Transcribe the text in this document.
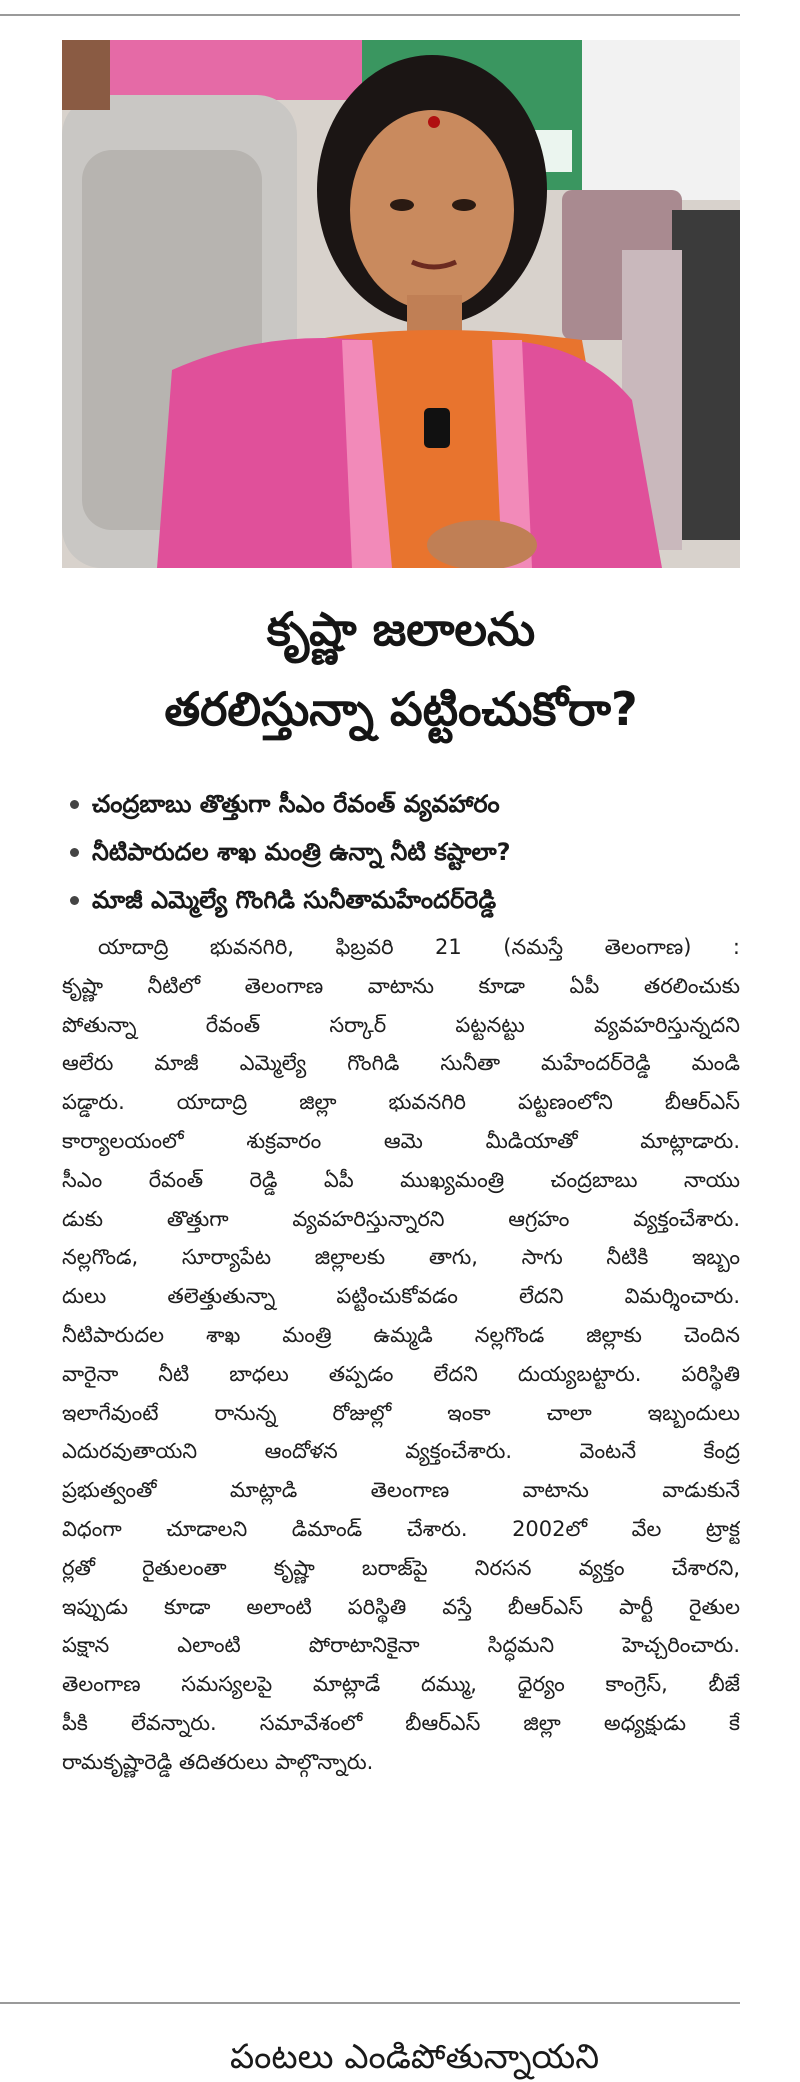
కృష్ణా జలాలను
తరలిస్తున్నా పట్టించుకోరా?
చంద్రబాబు తొత్తుగా సీఎం రేవంత్ వ్యవహారం
నీటిపారుదల శాఖ మంత్రి ఉన్నా నీటి కష్టాలా?
మాజీ ఎమ్మెల్యే గొంగిడి సునీతామహేందర్‌రెడ్డి
యాదాద్రి భువనగిరి, ఫిబ్రవరి 21 (నమస్తే తెలంగాణ) :
కృష్ణా నీటిలో తెలంగాణ వాటాను కూడా ఏపీ తరలించుకు
పోతున్నా రేవంత్ సర్కార్ పట్టనట్టు వ్యవహరిస్తున్నదని
ఆలేరు మాజీ ఎమ్మెల్యే గొంగిడి సునీతా మహేందర్‌రెడ్డి మండి
పడ్డారు. యాదాద్రి జిల్లా భువనగిరి పట్టణంలోని బీఆర్‌ఎస్
కార్యాలయంలో శుక్రవారం ఆమె మీడియాతో మాట్లాడారు.
సీఎం రేవంత్ రెడ్డి ఏపీ ముఖ్యమంత్రి చంద్రబాబు నాయు
డుకు తొత్తుగా వ్యవహరిస్తున్నారని ఆగ్రహం వ్యక్తంచేశారు.
నల్లగొండ, సూర్యాపేట జిల్లాలకు తాగు, సాగు నీటికి ఇబ్బం
దులు తలెత్తుతున్నా పట్టించుకోవడం లేదని విమర్శించారు.
నీటిపారుదల శాఖ మంత్రి ఉమ్మడి నల్లగొండ జిల్లాకు చెందిన
వారైనా నీటి బాధలు తప్పడం లేదని దుయ్యబట్టారు. పరిస్థితి
ఇలాగేవుంటే రానున్న రోజుల్లో ఇంకా చాలా ఇబ్బందులు
ఎదురవుతాయని ఆందోళన వ్యక్తంచేశారు. వెంటనే కేంద్ర
ప్రభుత్వంతో మాట్లాడి తెలంగాణ వాటాను వాడుకునే
విధంగా చూడాలని డిమాండ్ చేశారు. 2002లో వేల ట్రాక్ట
ర్లతో రైతులంతా కృష్ణా బరాజ్‌పై నిరసన వ్యక్తం చేశారని,
ఇప్పుడు కూడా అలాంటి పరిస్థితి వస్తే బీఆర్‌ఎస్ పార్టీ రైతుల
పక్షాన ఎలాంటి పోరాటానికైనా సిద్ధమని హెచ్చరించారు.
తెలంగాణ సమస్యలపై మాట్లాడే దమ్ము, ధైర్యం కాంగ్రెస్, బీజే
పీకి లేవన్నారు. సమావేశంలో బీఆర్‌ఎస్ జిల్లా అధ్యక్షుడు కే
రామకృష్ణారెడ్డి తదితరులు పాల్గొన్నారు.
పంటలు ఎండిపోతున్నాయని
